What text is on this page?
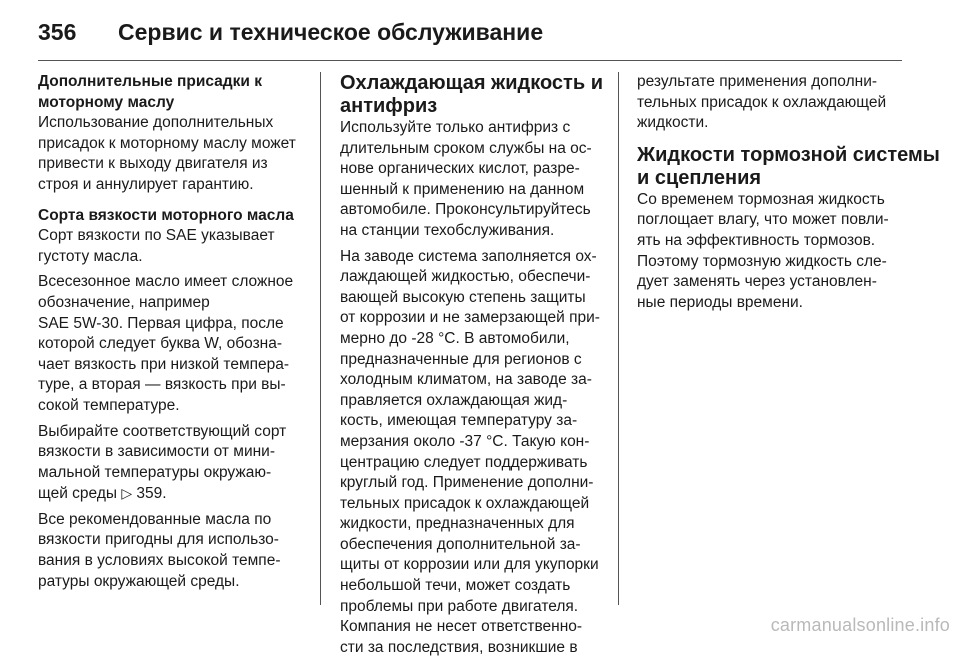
356	Сервис и техническое обслуживание
Дополнительные присадки к
моторному маслу
Использование дополнительных
присадок к моторному маслу может
привести к выходу двигателя из
строя и аннулирует гарантию.
Сорта вязкости моторного масла
Сорт вязкости по SAE указывает
густоту масла.
Всесезонное масло имеет сложное
обозначение, например
SAE 5W-30. Первая цифра, после
которой следует буква W, обозна-
чает вязкость при низкой темпера-
туре, а вторая — вязкость при вы-
сокой температуре.
Выбирайте соответствующий сорт
вязкости в зависимости от мини-
мальной температуры окружаю-
щей среды ▷ 359.
Все рекомендованные масла по
вязкости пригодны для использо-
вания в условиях высокой темпе-
ратуры окружающей среды.
Охлаждающая жидкость и
антифриз
Используйте только антифриз с
длительным сроком службы на ос-
нове органических кислот, разре-
шенный к применению на данном
автомобиле. Проконсультируйтесь
на станции техобслуживания.
На заводе система заполняется ох-
лаждающей жидкостью, обеспечи-
вающей высокую степень защиты
от коррозии и не замерзающей при-
мерно до -28 °C. В автомобили,
предназначенные для регионов с
холодным климатом, на заводе за-
правляется охлаждающая жид-
кость, имеющая температуру за-
мерзания около -37 °C. Такую кон-
центрацию следует поддерживать
круглый год. Применение дополни-
тельных присадок к охлаждающей
жидкости, предназначенных для
обеспечения дополнительной за-
щиты от коррозии или для укупорки
небольшой течи, может создать
проблемы при работе двигателя.
Компания не несет ответственно-
сти за последствия, возникшие в
результате применения дополни-
тельных присадок к охлаждающей
жидкости.
Жидкости тормозной системы
и сцепления
Со временем тормозная жидкость
поглощает влагу, что может повли-
ять на эффективность тормозов.
Поэтому тормозную жидкость сле-
дует заменять через установлен-
ные периоды времени.
carmanualsonline.info
